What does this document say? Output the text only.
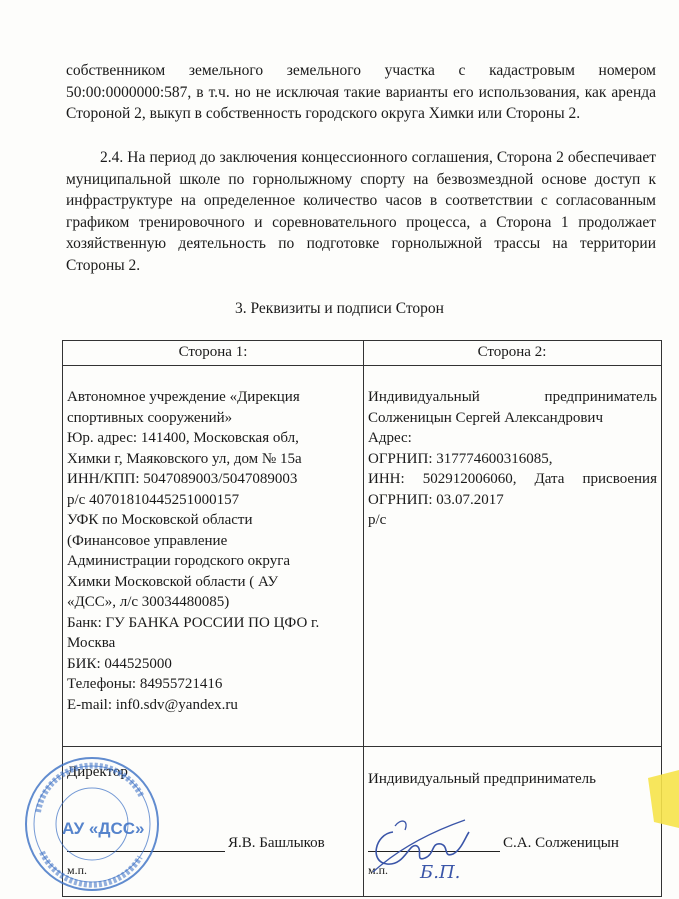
собственником земельного земельного участка с кадастровым номером 50:00:0000000:587, в т.ч. но не исключая такие варианты его использования, как аренда Стороной 2, выкуп в собственность городского округа Химки или Стороны 2.

2.4. На период до заключения концессионного соглашения, Сторона 2 обеспечивает муниципальной школе по горнолыжному спорту на безвозмездной основе доступ к инфраструктуре на определенное количество часов в соответствии с согласованным графиком тренировочного и соревновательного процесса, а Сторона 1 продолжает хозяйственную деятельность по подготовке горнолыжной трассы на территории Стороны 2.

3. Реквизиты и подписи Сторон
Сторона 1:	Сторона 2:
Автономное учреждение «Дирекция
спортивных сооружений»
Юр. адрес: 141400, Московская обл,
Химки г, Маяковского ул, дом № 15а
ИНН/КПП: 5047089003/5047089003
р/с 40701810445251000157
УФК по Московской области
(Финансовое управление
Администрации городского округа
Химки Московской области ( АУ
«ДСС», л/с 30034480085)
Банк: ГУ БАНКА РОССИИ ПО ЦФО г.
Москва
БИК: 044525000
Телефоны: 84955721416
E-mail: inf0.sdv@yandex.ru
Индивидуальный предприниматель
Солженицын Сергей Александрович
Адрес:
ОГРНИП: 317774600316085,
ИНН: 502912006060, Дата присвоения
ОГРНИП: 03.07.2017
р/с
Директор
Я.В. Башлыков
м.п.
Индивидуальный предприниматель
С.А. Солженицын
м.п.
АУ «ДСС»
Б.П.
